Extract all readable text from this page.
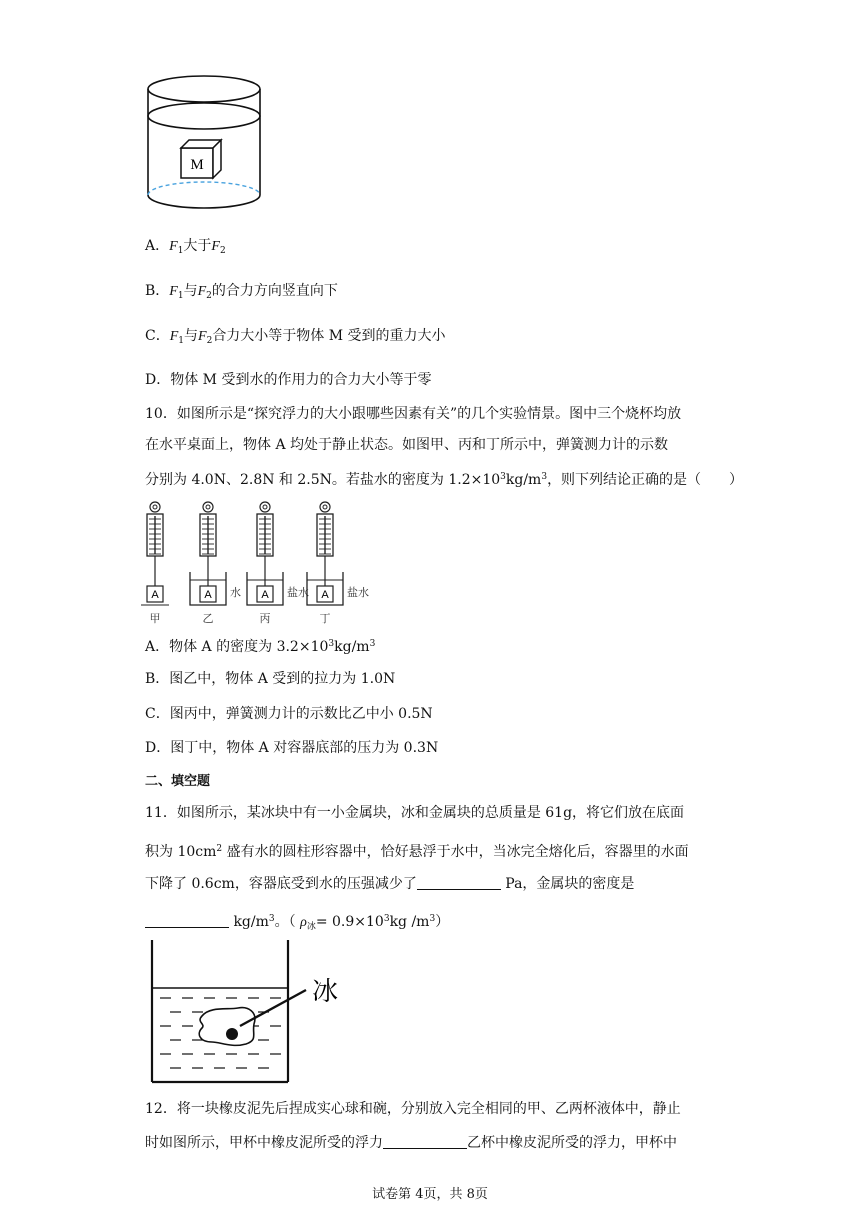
M
A．$F_1$大于$F_2$
B．$F_1$与$F_2$的合力方向竖直向下
C．$F_1$与$F_2$合力大小等于物体 M 受到的重力大小
D．物体 M 受到水的作用力的合力大小等于零
10．如图所示是“探究浮力的大小跟哪些因素有关”的几个实验情景。图中三个烧杯均放
在水平桌面上，物体 A 均处于静止状态。如图甲、丙和丁所示中，弹簧测力计的示数
分别为 4.0N、2.8N 和 2.5N。若盐水的密度为 $1.2\times 10^3kg/m^3$，则下列结论正确的是（　　）
A
甲
A 水
乙
A 盐水
丙
A 盐水
丁
A．物体 A 的密度为 $3.2\times 10^3kg/m^3$
B．图乙中，物体 A 受到的拉力为 1.0N
C．图丙中，弹簧测力计的示数比乙中小 0.5N
D．图丁中，物体 A 对容器底部的压力为 0.3N
二、填空题
11．如图所示，某冰块中有一小金属块，冰和金属块的总质量是 61g，将它们放在底面
积为 $10cm^2$ 盛有水的圆柱形容器中，恰好悬浮于水中，当冰完全熔化后，容器里的水面
下降了 0.6cm，容器底受到水的压强减少了	Pa，金属块的密度是
$kg/m^3$。（ $\rho_冰= 0.9\times 10^3kg$ $/m^3$）
冰
12．将一块橡皮泥先后捏成实心球和碗，分别放入完全相同的甲、乙两杯液体中，静止
时如图所示，甲杯中橡皮泥所受的浮力	乙杯中橡皮泥所受的浮力，甲杯中
试卷第 4页，共 8页
